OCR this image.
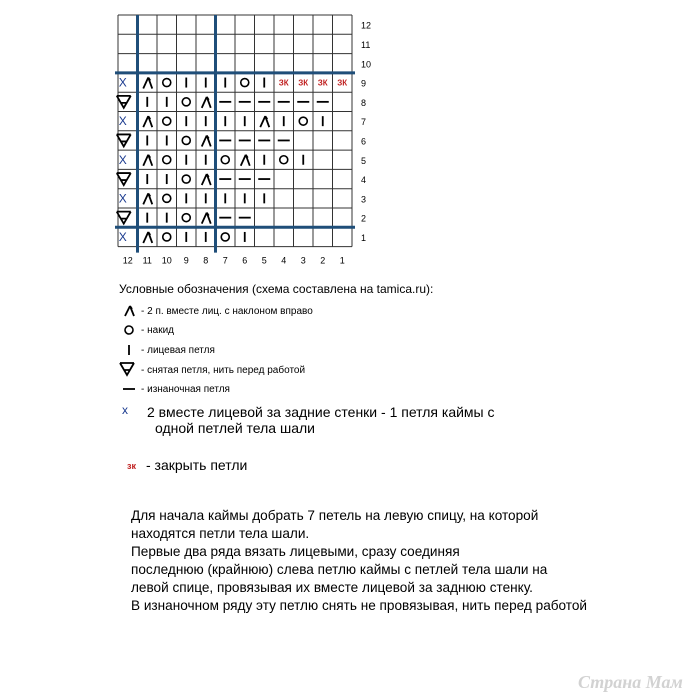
12
11
10
9
8
7
6
5
4
3
2
1
12 11 10 9 8 7 6 5 4 3 2 1
X
X
X
X
X	ЗК ЗК ЗК ЗК
Условные обозначения (схема составлена на tamica.ru):
- 2 п. вместе лиц. с наклоном вправо
- накид
- лицевая петля
- снятая петля, нить перед работой
- изнаночная петля
x 2 вместе лицевой за задние стенки - 1 петля каймы с
одной петлей тела шали
зк - закрыть петли
Для начала каймы добрать 7 петель на левую спицу, на которой
находятся петли тела шали.
Первые два ряда вязать лицевыми, сразу соединяя
последнюю (крайнюю) слева петлю каймы с петлей тела шали на
левой спице, провязывая их вместе лицевой за заднюю стенку.
В изнаночном ряду эту петлю снять не провязывая, нить перед работой
Страна Мам
